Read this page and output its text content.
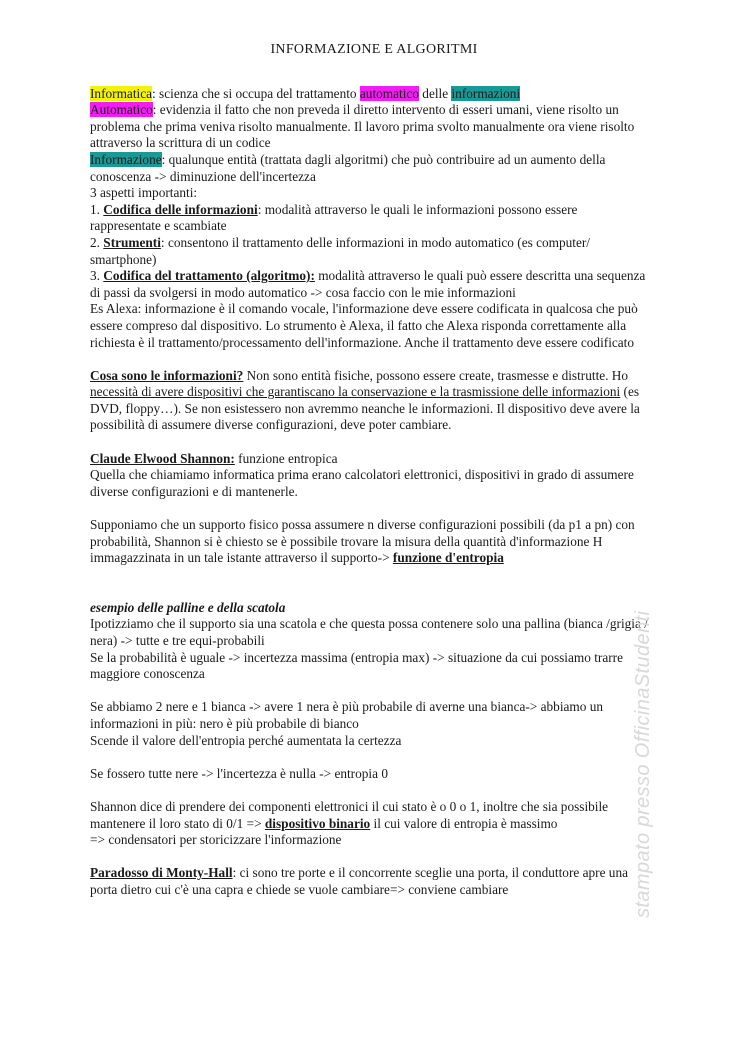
INFORMAZIONE E ALGORITMI

Informatica: scienza che si occupa del trattamento automatico delle informazioni

Automatico: evidenzia il fatto che non preveda il diretto intervento di esseri umani, viene risolto un problema che prima veniva risolto manualmente. Il lavoro prima svolto manualmente ora viene risolto attraverso la scrittura di un codice

Informazione: qualunque entità (trattata dagli algoritmi) che può contribuire ad un aumento della conoscenza -> diminuzione dell'incertezza

3 aspetti importanti:

1. Codifica delle informazioni: modalità attraverso le quali le informazioni possono essere rappresentate e scambiate

2. Strumenti: consentono il trattamento delle informazioni in modo automatico (es computer/ smartphone)

3. Codifica del trattamento (algoritmo): modalità attraverso le quali può essere descritta una sequenza di passi da svolgersi in modo automatico -> cosa faccio con le mie informazioni

Es Alexa: informazione è il comando vocale, l'informazione deve essere codificata in qualcosa che può essere compreso dal dispositivo. Lo strumento è Alexa, il fatto che Alexa risponda correttamente alla richiesta è il trattamento/processamento dell'informazione. Anche il trattamento deve essere codificato

Cosa sono le informazioni? Non sono entità fisiche, possono essere create, trasmesse e distrutte. Ho necessità di avere dispositivi che garantiscano la conservazione e la trasmissione delle informazioni (es DVD, floppy…). Se non esistessero non avremmo neanche le informazioni. Il dispositivo deve avere la possibilità di assumere diverse configurazioni, deve poter cambiare.

Claude Elwood Shannon: funzione entropica

Quella che chiamiamo informatica prima erano calcolatori elettronici, dispositivi in grado di assumere diverse configurazioni e di mantenerle.

Supponiamo che un supporto fisico possa assumere n diverse configurazioni possibili (da p1 a pn) con probabilità, Shannon si è chiesto se è possibile trovare la misura della quantità d'informazione H immagazzinata in un tale istante attraverso il supporto-> funzione d'entropia

esempio delle palline e della scatola

Ipotizziamo che il supporto sia una scatola e che questa possa contenere solo una pallina (bianca /grigia / nera) -> tutte e tre equi-probabili

Se la probabilità è uguale -> incertezza massima (entropia max) -> situazione da cui possiamo trarre maggiore conoscenza

Se abbiamo 2 nere e 1 bianca -> avere 1 nera è più probabile di averne una bianca-> abbiamo un informazioni in più: nero è più probabile di bianco

Scende il valore dell'entropia perché aumentata la certezza

Se fossero tutte nere -> l'incertezza è nulla -> entropia 0

Shannon dice di prendere dei componenti elettronici il cui stato è o 0 o 1, inoltre che sia possibile mantenere il loro stato di 0/1 => dispositivo binario il cui valore di entropia è massimo

=> condensatori per storicizzare l'informazione

Paradosso di Monty-Hall: ci sono tre porte e il concorrente sceglie una porta, il conduttore apre una porta dietro cui c'è una capra e chiede se vuole cambiare=> conviene cambiare	stampato presso OfficinaStudenti
